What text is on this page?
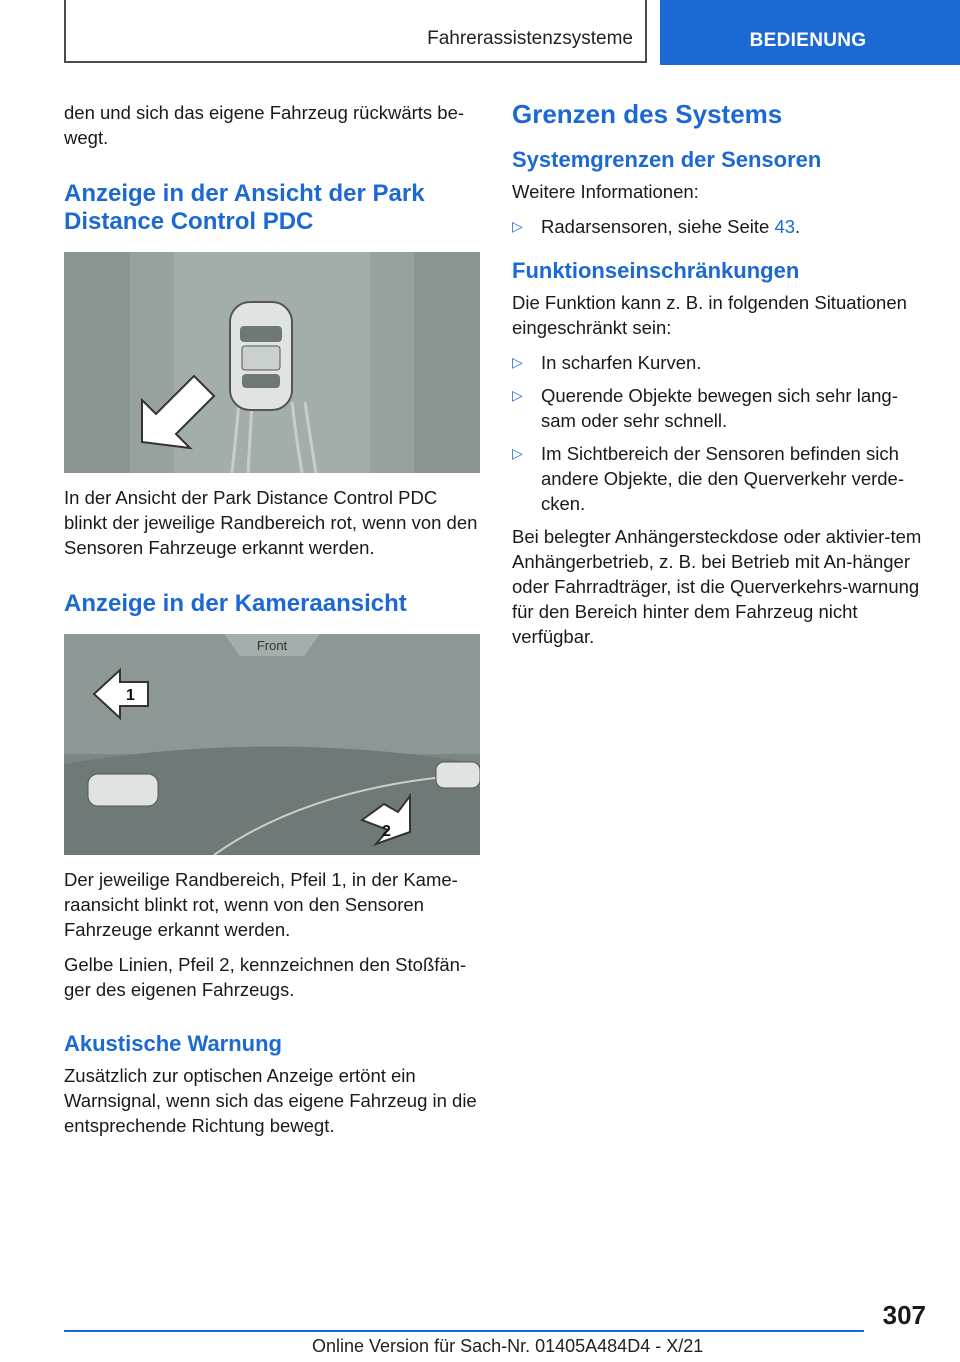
Fahrerassistenzsysteme	BEDIENUNG

den und sich das eigene Fahrzeug rückwärts be-wegt.

Anzeige in der Ansicht der Park Distance Control PDC

In der Ansicht der Park Distance Control PDC blinkt der jeweilige Randbereich rot, wenn von den Sensoren Fahrzeuge erkannt werden.

Anzeige in der Kameraansicht
Front
1
2

Der jeweilige Randbereich, Pfeil 1, in der Kame-raansicht blinkt rot, wenn von den Sensoren Fahrzeuge erkannt werden.

Gelbe Linien, Pfeil 2, kennzeichnen den Stoßfän-ger des eigenen Fahrzeugs.

Akustische Warnung

Zusätzlich zur optischen Anzeige ertönt ein Warnsignal, wenn sich das eigene Fahrzeug in die entsprechende Richtung bewegt.

Grenzen des Systems
Systemgrenzen der Sensoren

Weitere Informationen:

▷ Radarsensoren, siehe Seite 43.
Funktionseinschränkungen

Die Funktion kann z. B. in folgenden Situationen eingeschränkt sein:

▷ In scharfen Kurven.
▷ Querende Objekte bewegen sich sehr lang-sam oder sehr schnell.
▷ Im Sichtbereich der Sensoren befinden sich andere Objekte, die den Querverkehr verde-cken.

Bei belegter Anhängersteckdose oder aktivier-tem Anhängerbetrieb, z. B. bei Betrieb mit An-hänger oder Fahrradträger, ist die Querverkehrs-warnung für den Bereich hinter dem Fahrzeug nicht verfügbar.

307
Online Version für Sach-Nr. 01405A484D4 - X/21
